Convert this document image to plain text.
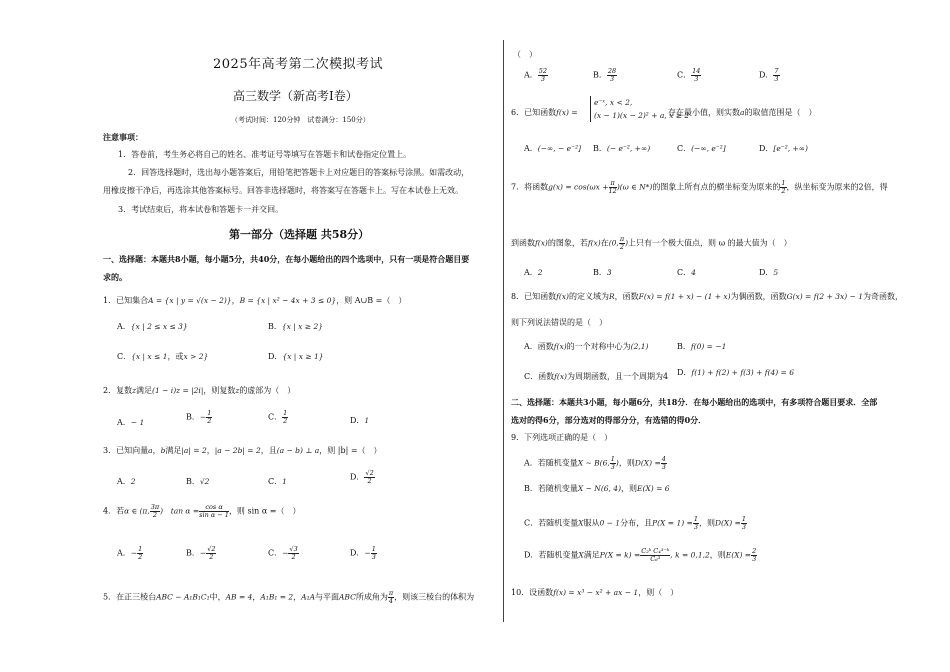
2025年高考第二次模拟考试
高三数学（新高考Ⅰ卷）
（考试时间：120分钟　试卷满分：150分）
注意事项：
1．答卷前，考生务必将自己的姓名、准考证号等填写在答题卡和试卷指定位置上。
2．回答选择题时，选出每小题答案后，用铅笔把答题卡上对应题目的答案标号涂黑。如需改动，
用橡皮擦干净后，再选涂其他答案标号。回答非选择题时，将答案写在答题卡上。写在本试卷上无效。
3．考试结束后，将本试卷和答题卡一并交回。
第一部分（选择题 共58分）
一、选择题：本题共8小题，每小题5分，共40分，在每小题给出的四个选项中，只有一项是符合题目要
求的。
1．已知集合A = {x | y = √(x − 2)}，B = {x | x² − 4x + 3 ≤ 0}，则 A∪B =（　）
A．{x | 2 ≤ x ≤ 3}	B．{x | x ≥ 2}
C．{x | x ≤ 1，或x > 2}	D．{x | x ≥ 1}
2．复数z满足(1 − i)z = |2i|，则复数z的虚部为（　）
A．− 1
B．− $\frac{1}{2}$	C． $\frac{1}{2}$	D．1
3．已知向量a，b满足|a| = 2，|a − 2b| = 2，且(a − b) ⊥ a，则 |b| =（　）
A．2	B．√2	C．1	D． $\frac{√2}{2}$
4．若α ∈ (π, $\frac{3\pi}{2}$ ) $\tan \alpha = \frac{\text{cos α}}{\text{sin α − 1}}$ ，则 sin α =（　）
A．− $\frac{1}{2}$	B．− $\frac{√2}{2}$	C．− $\frac{√3}{2}$	D．− $\frac{1}{3}$
5．在正三棱台ABC − A₁B₁C₁中，AB = 4，A₁B₁ = 2，A₁A与平面ABC所成角为 $\frac{\pi}{4}$ ，则该三棱台的体积为
（　）
A． $\frac{52}{3}$	B． $\frac{28}{3}$	C． $\frac{14}{3}$	D． $\frac{7}{3}$
6．已知函数f(x) =
e⁻ˣ, x < 2,
(x − 1)(x − 2)² + a, x ≥ 2
存在最小值，则实数a的取值范围是（　）
A．(−∞, − e⁻²] B．(− e⁻², +∞)	C．(−∞, e⁻²]	D．[e⁻², +∞)
7．将函数$g(x) = \cos(\omega x + \frac{\pi}{12} )(\omega$ ∈ N*)的图象上所有点的横坐标变为原来的 $\frac{1}{2}$ ，纵坐标变为原来的2倍，得
到函数f(x)的图象，若f(x)在(0, $\frac{\pi}{2}$ )上只有一个极大值点，则 ω 的最大值为（　）
A．2	B．3	C．4	D．5
8．已知函数f(x)的定义域为R，函数F(x) = f(1 + x) − (1 + x)为偶函数，函数G(x) = f(2 + 3x) − 1为奇函数，
则下列说法错误的是（　）
A．函数f(x)的一个对称中心为(2,1)	B．f(0) = −1
C．函数f(x)为周期函数，且一个周期为4 D．f(1) + f(2) + f(3) + f(4) = 6
二、选择题：本题共3小题，每小题6分，共18分．在每小题给出的选项中，有多项符合题目要求．全部
选对的得6分，部分选对的得部分分，有选错的得0分．
9．下列选项正确的是（　）
A．若随机变量X ~ B(6, $\frac{1}{3}$ )，则$D(X) = \frac{4}{3}$
B．若随机变量X ~ N(6, 4)，则E(X) = 6
C．若随机变量X服从0 − 1分布，且$P(X = 1) = \frac{1}{3}$ ，则$D(X) = \frac{1}{3}$
D．若随机变量X满足$P(X = k) = \frac{\text{C₂ᵏ C₄³⁻ᵏ}}{\text{C₆³}}$ , k = 0,1,2，则$E(X) = \frac{2}{3}$
10．设函数f(x) = x³ − x² + ax − 1，则（　）
